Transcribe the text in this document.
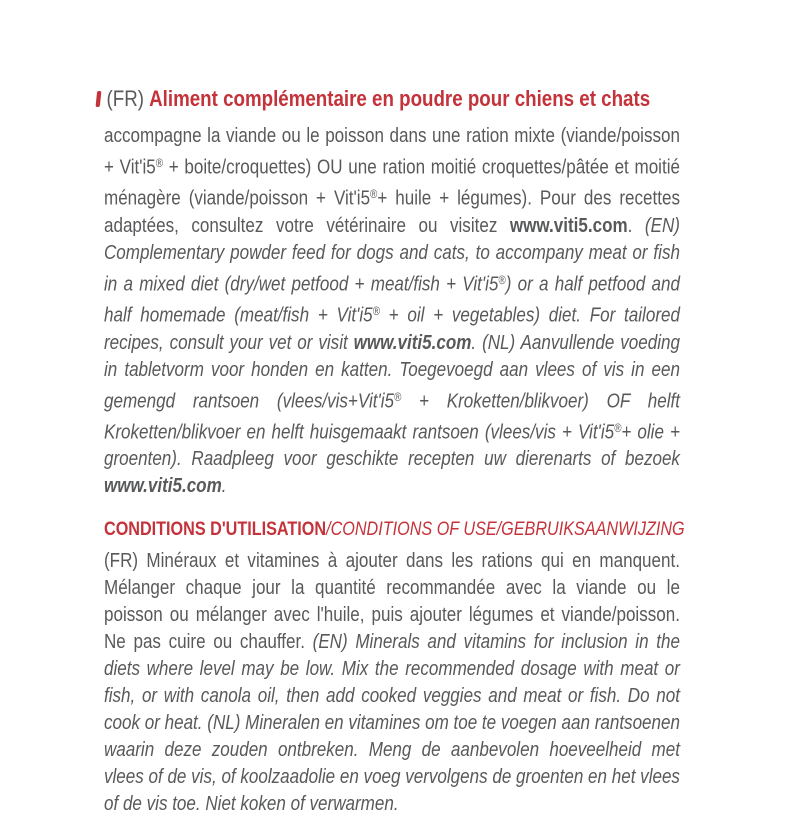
(FR) Aliment complémentaire en poudre pour chiens et chats

accompagne la viande ou le poisson dans une ration mixte (viande/poisson + Vit'i5® + boite/croquettes) OU une ration moitié croquettes/pâtée et moitié ménagère (viande/poisson + Vit'i5®+ huile + légumes). Pour des recettes adaptées, consultez votre vétérinaire ou visitez www.viti5.com. (EN) Complementary powder feed for dogs and cats, to accompany meat or fish in a mixed diet (dry/wet petfood + meat/fish + Vit'i5®) or a half petfood and half homemade (meat/fish + Vit'i5® + oil + vegetables) diet. For tailored recipes, consult your vet or visit www.viti5.com. (NL) Aanvullende voeding in tabletvorm voor honden en katten. Toegevoegd aan vlees of vis in een gemengd rantsoen (vlees/vis+Vit'i5® + Kroketten/blikvoer) OF helft Kroketten/blikvoer en helft huisgemaakt rantsoen (vlees/vis + Vit'i5®+ olie + groenten). Raadpleeg voor geschikte recepten uw dierenarts of bezoek www.viti5.com.

CONDITIONS D'UTILISATION/CONDITIONS OF USE/GEBRUIKSAANWIJZING

(FR) Minéraux et vitamines à ajouter dans les rations qui en manquent. Mélanger chaque jour la quantité recommandée avec la viande ou le poisson ou mélanger avec l'huile, puis ajouter légumes et viande/poisson. Ne pas cuire ou chauffer. (EN) Minerals and vitamins for inclusion in the diets where level may be low. Mix the recommended dosage with meat or fish, or with canola oil, then add cooked veggies and meat or fish. Do not cook or heat. (NL) Mineralen en vitamines om toe te voegen aan rantsoenen waarin deze zouden ontbreken. Meng de aanbevolen hoeveelheid met vlees of de vis, of koolzaadolie en voeg vervolgens de groenten en het vlees of de vis toe. Niet koken of verwarmen.
